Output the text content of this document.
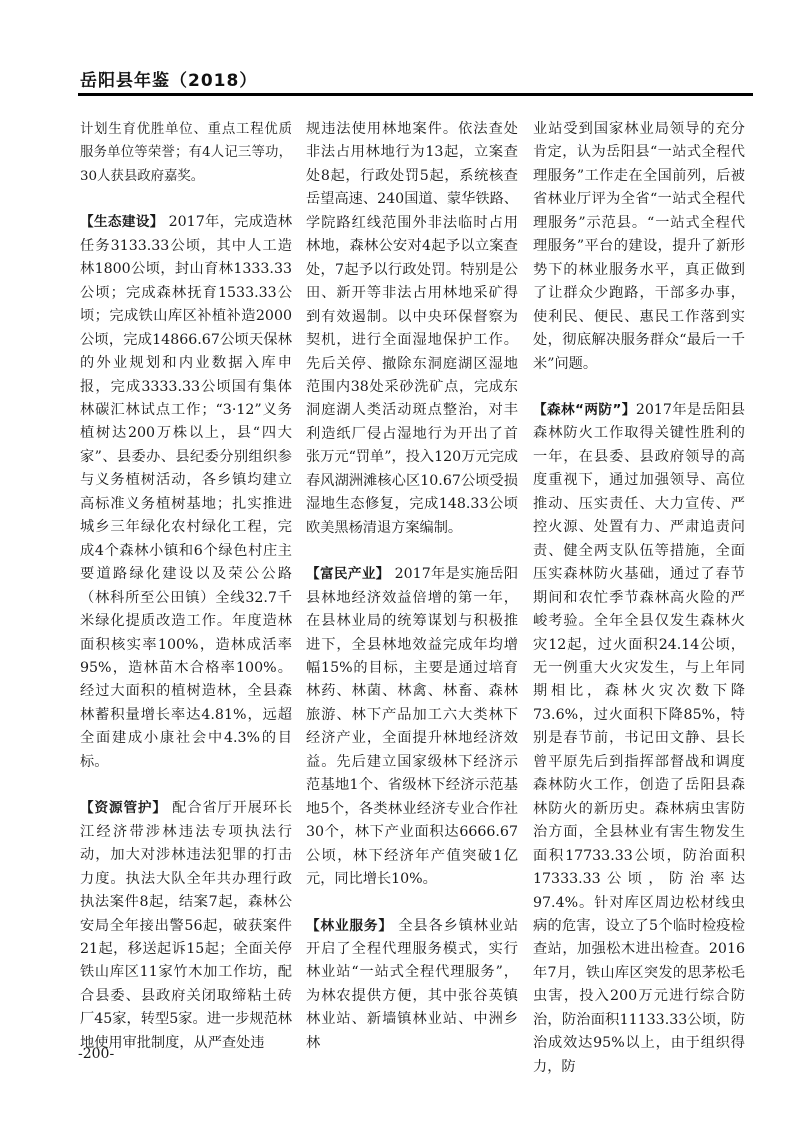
岳阳县年鉴（2018）

计划生育优胜单位、重点工程优质服务单位等荣誉；有4人记三等功，30人获县政府嘉奖。

【生态建设】 2017年，完成造林任务3133.33公顷，其中人工造林1800公顷，封山育林1333.33公顷；完成森林抚育1533.33公顷；完成铁山库区补植补造2000公顷，完成14866.67公顷天保林的外业规划和内业数据入库申报，完成3333.33公顷国有集体林碳汇林试点工作；“3·12”义务植树达200万株以上，县“四大家”、县委办、县纪委分别组织参与义务植树活动，各乡镇均建立高标准义务植树基地；扎实推进城乡三年绿化农村绿化工程，完成4个森林小镇和6个绿色村庄主要道路绿化建设以及荣公公路（林科所至公田镇）全线32.7千米绿化提质改造工作。年度造林面积核实率100%，造林成活率95%，造林苗木合格率100%。经过大面积的植树造林，全县森林蓄积量增长率达4.81%，远超全面建成小康社会中4.3%的目标。

【资源管护】 配合省厅开展环长江经济带涉林违法专项执法行动，加大对涉林违法犯罪的打击力度。执法大队全年共办理行政执法案件8起，结案7起，森林公安局全年接出警56起，破获案件21起，移送起诉15起；全面关停铁山库区11家竹木加工作坊，配合县委、县政府关闭取缔粘土砖厂45家，转型5家。进一步规范林地使用审批制度，从严查处违

规违法使用林地案件。依法查处非法占用林地行为13起，立案查处8起，行政处罚5起，系统核查岳望高速、240国道、蒙华铁路、学院路红线范围外非法临时占用林地，森林公安对4起予以立案查处，7起予以行政处罚。特别是公田、新开等非法占用林地采矿得到有效遏制。以中央环保督察为契机，进行全面湿地保护工作。先后关停、撤除东洞庭湖区湿地范围内38处采砂洗矿点，完成东洞庭湖人类活动斑点整治，对丰利造纸厂侵占湿地行为开出了首张万元“罚单”，投入120万元完成春风湖洲滩核心区10.67公顷受损湿地生态修复，完成148.33公顷欧美黑杨清退方案编制。

【富民产业】 2017年是实施岳阳县林地经济效益倍增的第一年，在县林业局的统筹谋划与积极推进下，全县林地效益完成年均增幅15%的目标，主要是通过培育林药、林菌、林禽、林畜、森林旅游、林下产品加工六大类林下经济产业，全面提升林地经济效益。先后建立国家级林下经济示范基地1个、省级林下经济示范基地5个，各类林业经济专业合作社30个，林下产业面积达6666.67公顷，林下经济年产值突破1亿元，同比增长10%。

【林业服务】 全县各乡镇林业站开启了全程代理服务模式，实行林业站“一站式全程代理服务”，为林农提供方便，其中张谷英镇林业站、新墙镇林业站、中洲乡林

业站受到国家林业局领导的充分肯定，认为岳阳县“一站式全程代理服务”工作走在全国前列，后被省林业厅评为全省“一站式全程代理服务”示范县。“一站式全程代理服务”平台的建设，提升了新形势下的林业服务水平，真正做到了让群众少跑路，干部多办事，使利民、便民、惠民工作落到实处，彻底解决服务群众“最后一千米”问题。

【森林“两防”】2017年是岳阳县森林防火工作取得关键性胜利的一年，在县委、县政府领导的高度重视下，通过加强领导、高位推动、压实责任、大力宣传、严控火源、处置有力、严肃追责问责、健全两支队伍等措施，全面压实森林防火基础，通过了春节期间和农忙季节森林高火险的严峻考验。全年全县仅发生森林火灾12起，过火面积24.14公顷，无一例重大火灾发生，与上年同期相比，森林火灾次数下降73.6%，过火面积下降85%，特别是春节前，书记田文静、县长曾平原先后到指挥部督战和调度森林防火工作，创造了岳阳县森林防火的新历史。森林病虫害防治方面，全县林业有害生物发生面积17733.33公顷，防治面积17333.33公顷，防治率达97.4%。针对库区周边松材线虫病的危害，设立了5个临时检疫检查站，加强松木进出检查。2016年7月，铁山库区突发的思茅松毛虫害，投入200万元进行综合防治，防治面积11133.33公顷，防治成效达95%以上，由于组织得力，防

-200-
